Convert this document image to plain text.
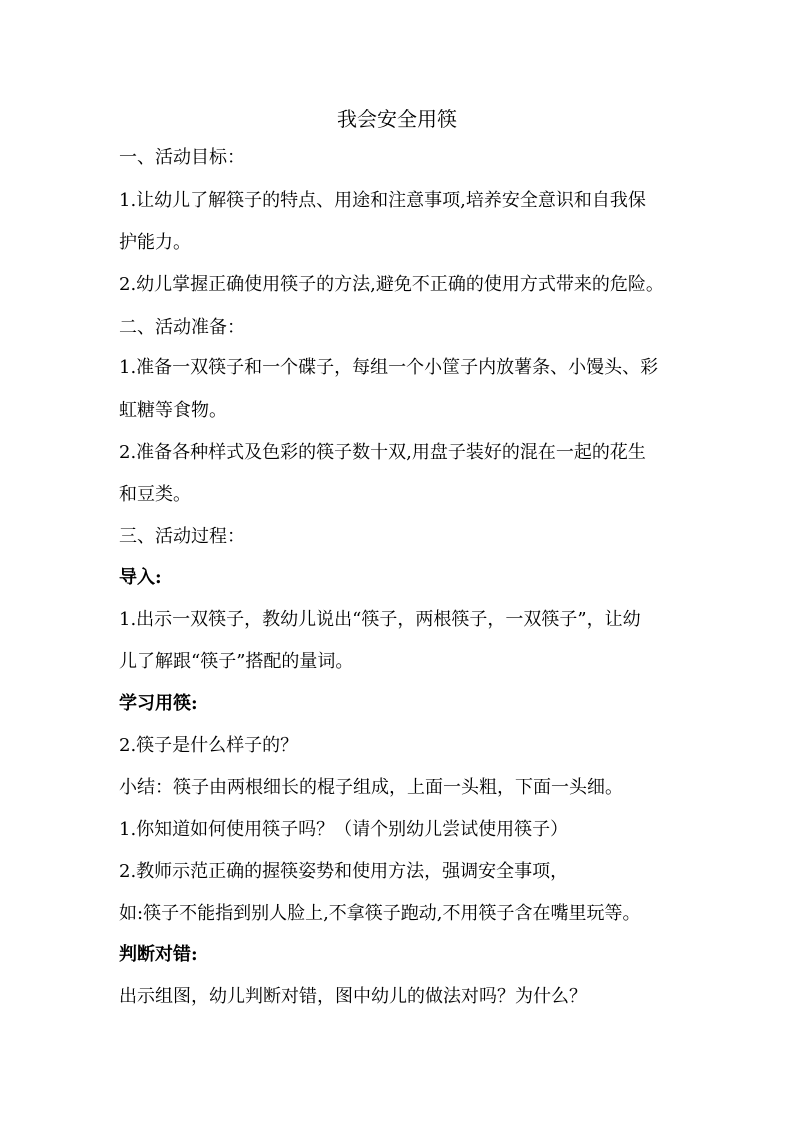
我会安全用筷
一、活动目标：
1.让幼儿了解筷子的特点、用途和注意事项,培养安全意识和自我保
护能力。
2.幼儿掌握正确使用筷子的方法,避免不正确的使用方式带来的危险。
二、活动准备：
1.准备一双筷子和一个碟子，每组一个小筐子内放薯条、小馒头、彩
虹糖等食物。
2.准备各种样式及色彩的筷子数十双,用盘子装好的混在一起的花生
和豆类。
三、活动过程：
导入:
1.出示一双筷子，教幼儿说出“筷子，两根筷子，一双筷子”，让幼
儿了解跟“筷子”搭配的量词。
学习用筷:
2.筷子是什么样子的？
小结：筷子由两根细长的棍子组成，上面一头粗，下面一头细。
1.你知道如何使用筷子吗？（请个别幼儿尝试使用筷子）
2.教师示范正确的握筷姿势和使用方法，强调安全事项，
如:筷子不能指到别人脸上,不拿筷子跑动,不用筷子含在嘴里玩等。
判断对错:
出示组图，幼儿判断对错，图中幼儿的做法对吗？为什么？
